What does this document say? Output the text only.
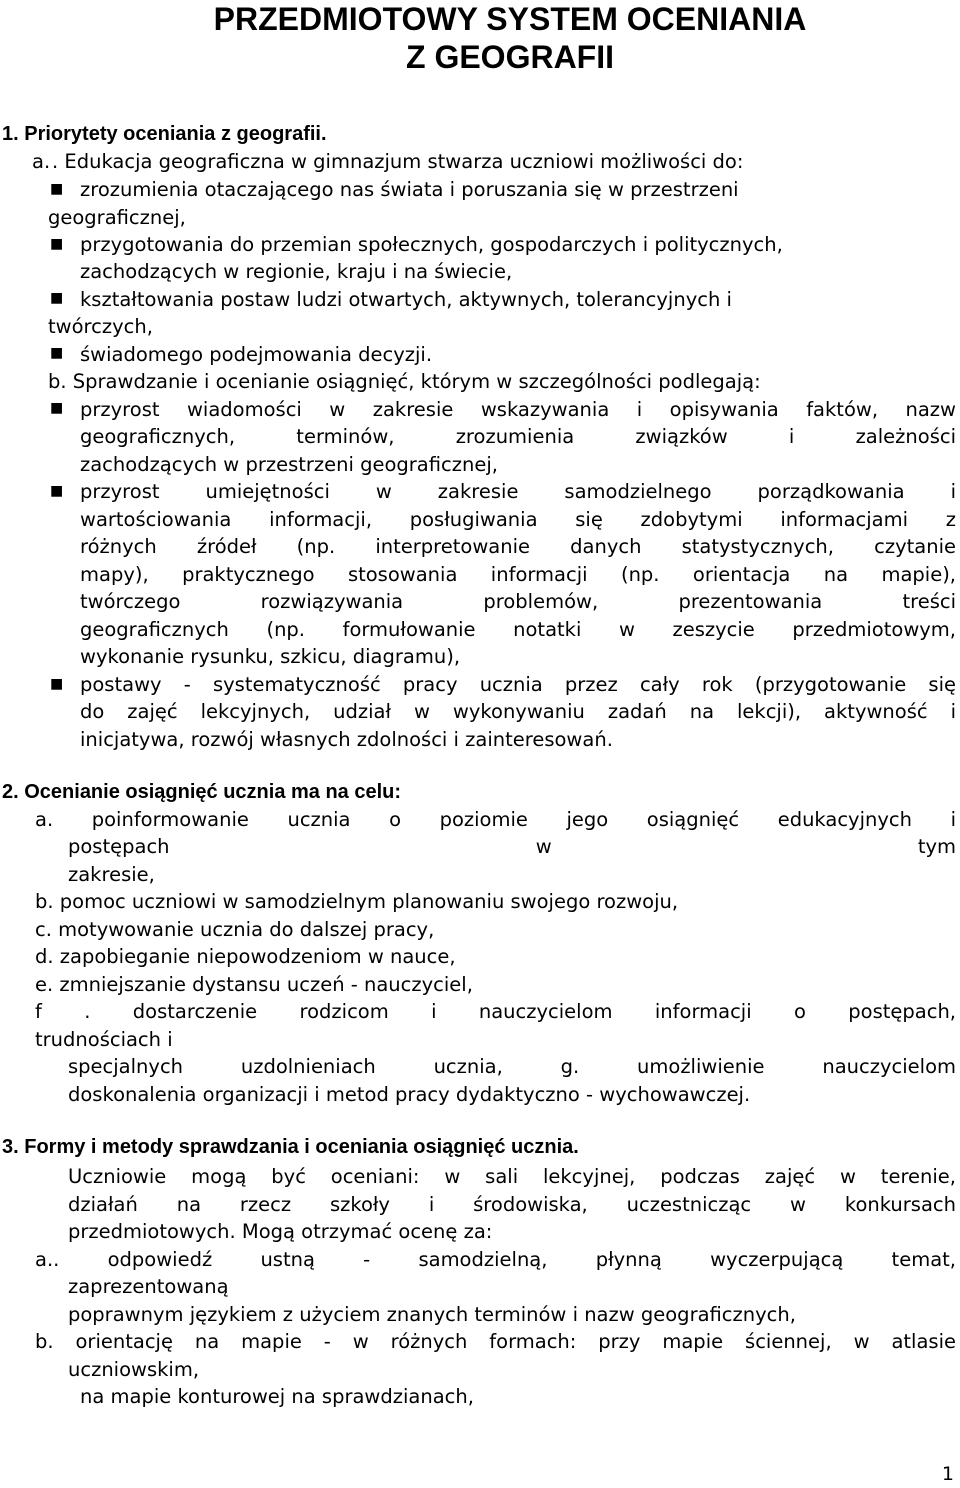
PRZEDMIOTOWY SYSTEM OCENIANIA
Z GEOGRAFII
1. Priorytety oceniania z geografii.
a. . Edukacja geograficzna w gimnazjum stwarza uczniowi możliwości do:
■ zrozumienia otaczającego nas świata i poruszania się w przestrzeni
geograficznej,
■ przygotowania do przemian społecznych, gospodarczych i politycznych,
zachodzących w regionie, kraju i na świecie,
■ kształtowania postaw ludzi otwartych, aktywnych, tolerancyjnych i
twórczych,
■ świadomego podejmowania decyzji.
b. Sprawdzanie i ocenianie osiągnięć, którym w szczególności podlegają:
■ przyrost wiadomości w zakresie wskazywania i opisywania faktów, nazw
geograficznych, terminów, zrozumienia związków i zależności
zachodzących w przestrzeni geograficznej,
■ przyrost umiejętności w zakresie samodzielnego porządkowania i
wartościowania informacji, posługiwania się zdobytymi informacjami z
różnych źródeł (np. interpretowanie danych statystycznych, czytanie
mapy), praktycznego stosowania informacji (np. orientacja na mapie),
twórczego rozwiązywania problemów, prezentowania treści
geograficznych (np. formułowanie notatki w zeszycie przedmiotowym,
wykonanie rysunku, szkicu, diagramu),
■ postawy - systematyczność pracy ucznia przez cały rok (przygotowanie się
do zajęć lekcyjnych, udział w wykonywaniu zadań na lekcji), aktywność i
inicjatywa, rozwój własnych zdolności i zainteresowań.
2. Ocenianie osiągnięć ucznia ma na celu:
a. poinformowanie ucznia o poziomie jego osiągnięć edukacyjnych i
postępach w tym
zakresie,
b. pomoc uczniowi w samodzielnym planowaniu swojego rozwoju,
c. motywowanie ucznia do dalszej pracy,
d. zapobieganie niepowodzeniom w nauce,
e. zmniejszanie dystansu uczeń - nauczyciel,
f . dostarczenie rodzicom i nauczycielom informacji o postępach,
trudnościach i
specjalnych uzdolnieniach ucznia, g. umożliwienie nauczycielom
doskonalenia organizacji i metod pracy dydaktyczno - wychowawczej.
3. Formy i metody sprawdzania i oceniania osiągnięć ucznia.
Uczniowie mogą być oceniani: w sali lekcyjnej, podczas zajęć w terenie,
działań na rzecz szkoły i środowiska, uczestnicząc w konkursach
przedmiotowych. Mogą otrzymać ocenę za:
a.. odpowiedź ustną - samodzielną, płynną wyczerpującą temat,
zaprezentowaną
poprawnym językiem z użyciem znanych terminów i nazw geograficznych,
b. orientację na mapie - w różnych formach: przy mapie ściennej, w atlasie
uczniowskim,
na mapie konturowej na sprawdzianach,
1
